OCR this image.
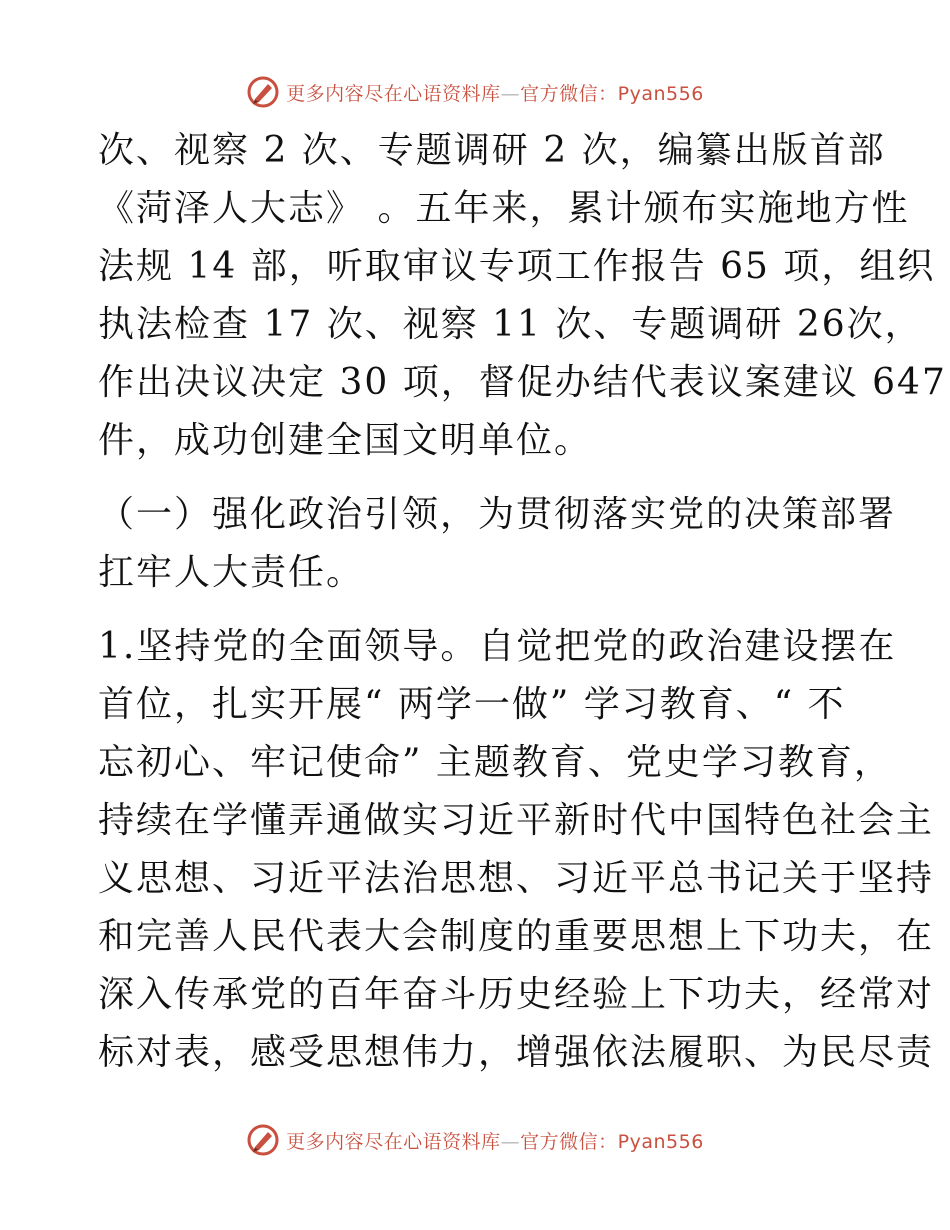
更多内容尽在心语资料库—官方微信：Pyan556
次、视察 2 次、专题调研 2 次，编纂出版首部
《菏泽人大志》 。五年来，累计颁布实施地方性
法规 14 部，听取审议专项工作报告 65 项，组织
执法检查 17 次、视察 11 次、专题调研 26次，
作出决议决定 30 项，督促办结代表议案建议 647
件，成功创建全国文明单位。
（一）强化政治引领，为贯彻落实党的决策部署
扛牢人大责任。
1.坚持党的全面领导。自觉把党的政治建设摆在
首位，扎实开展“ 两学一做” 学习教育、“ 不
忘初心、牢记使命” 主题教育、党史学习教育，
持续在学懂弄通做实习近平新时代中国特色社会主
义思想、习近平法治思想、习近平总书记关于坚持
和完善人民代表大会制度的重要思想上下功夫，在
深入传承党的百年奋斗历史经验上下功夫，经常对
标对表，感受思想伟力，增强依法履职、为民尽责
更多内容尽在心语资料库—官方微信：Pyan556
